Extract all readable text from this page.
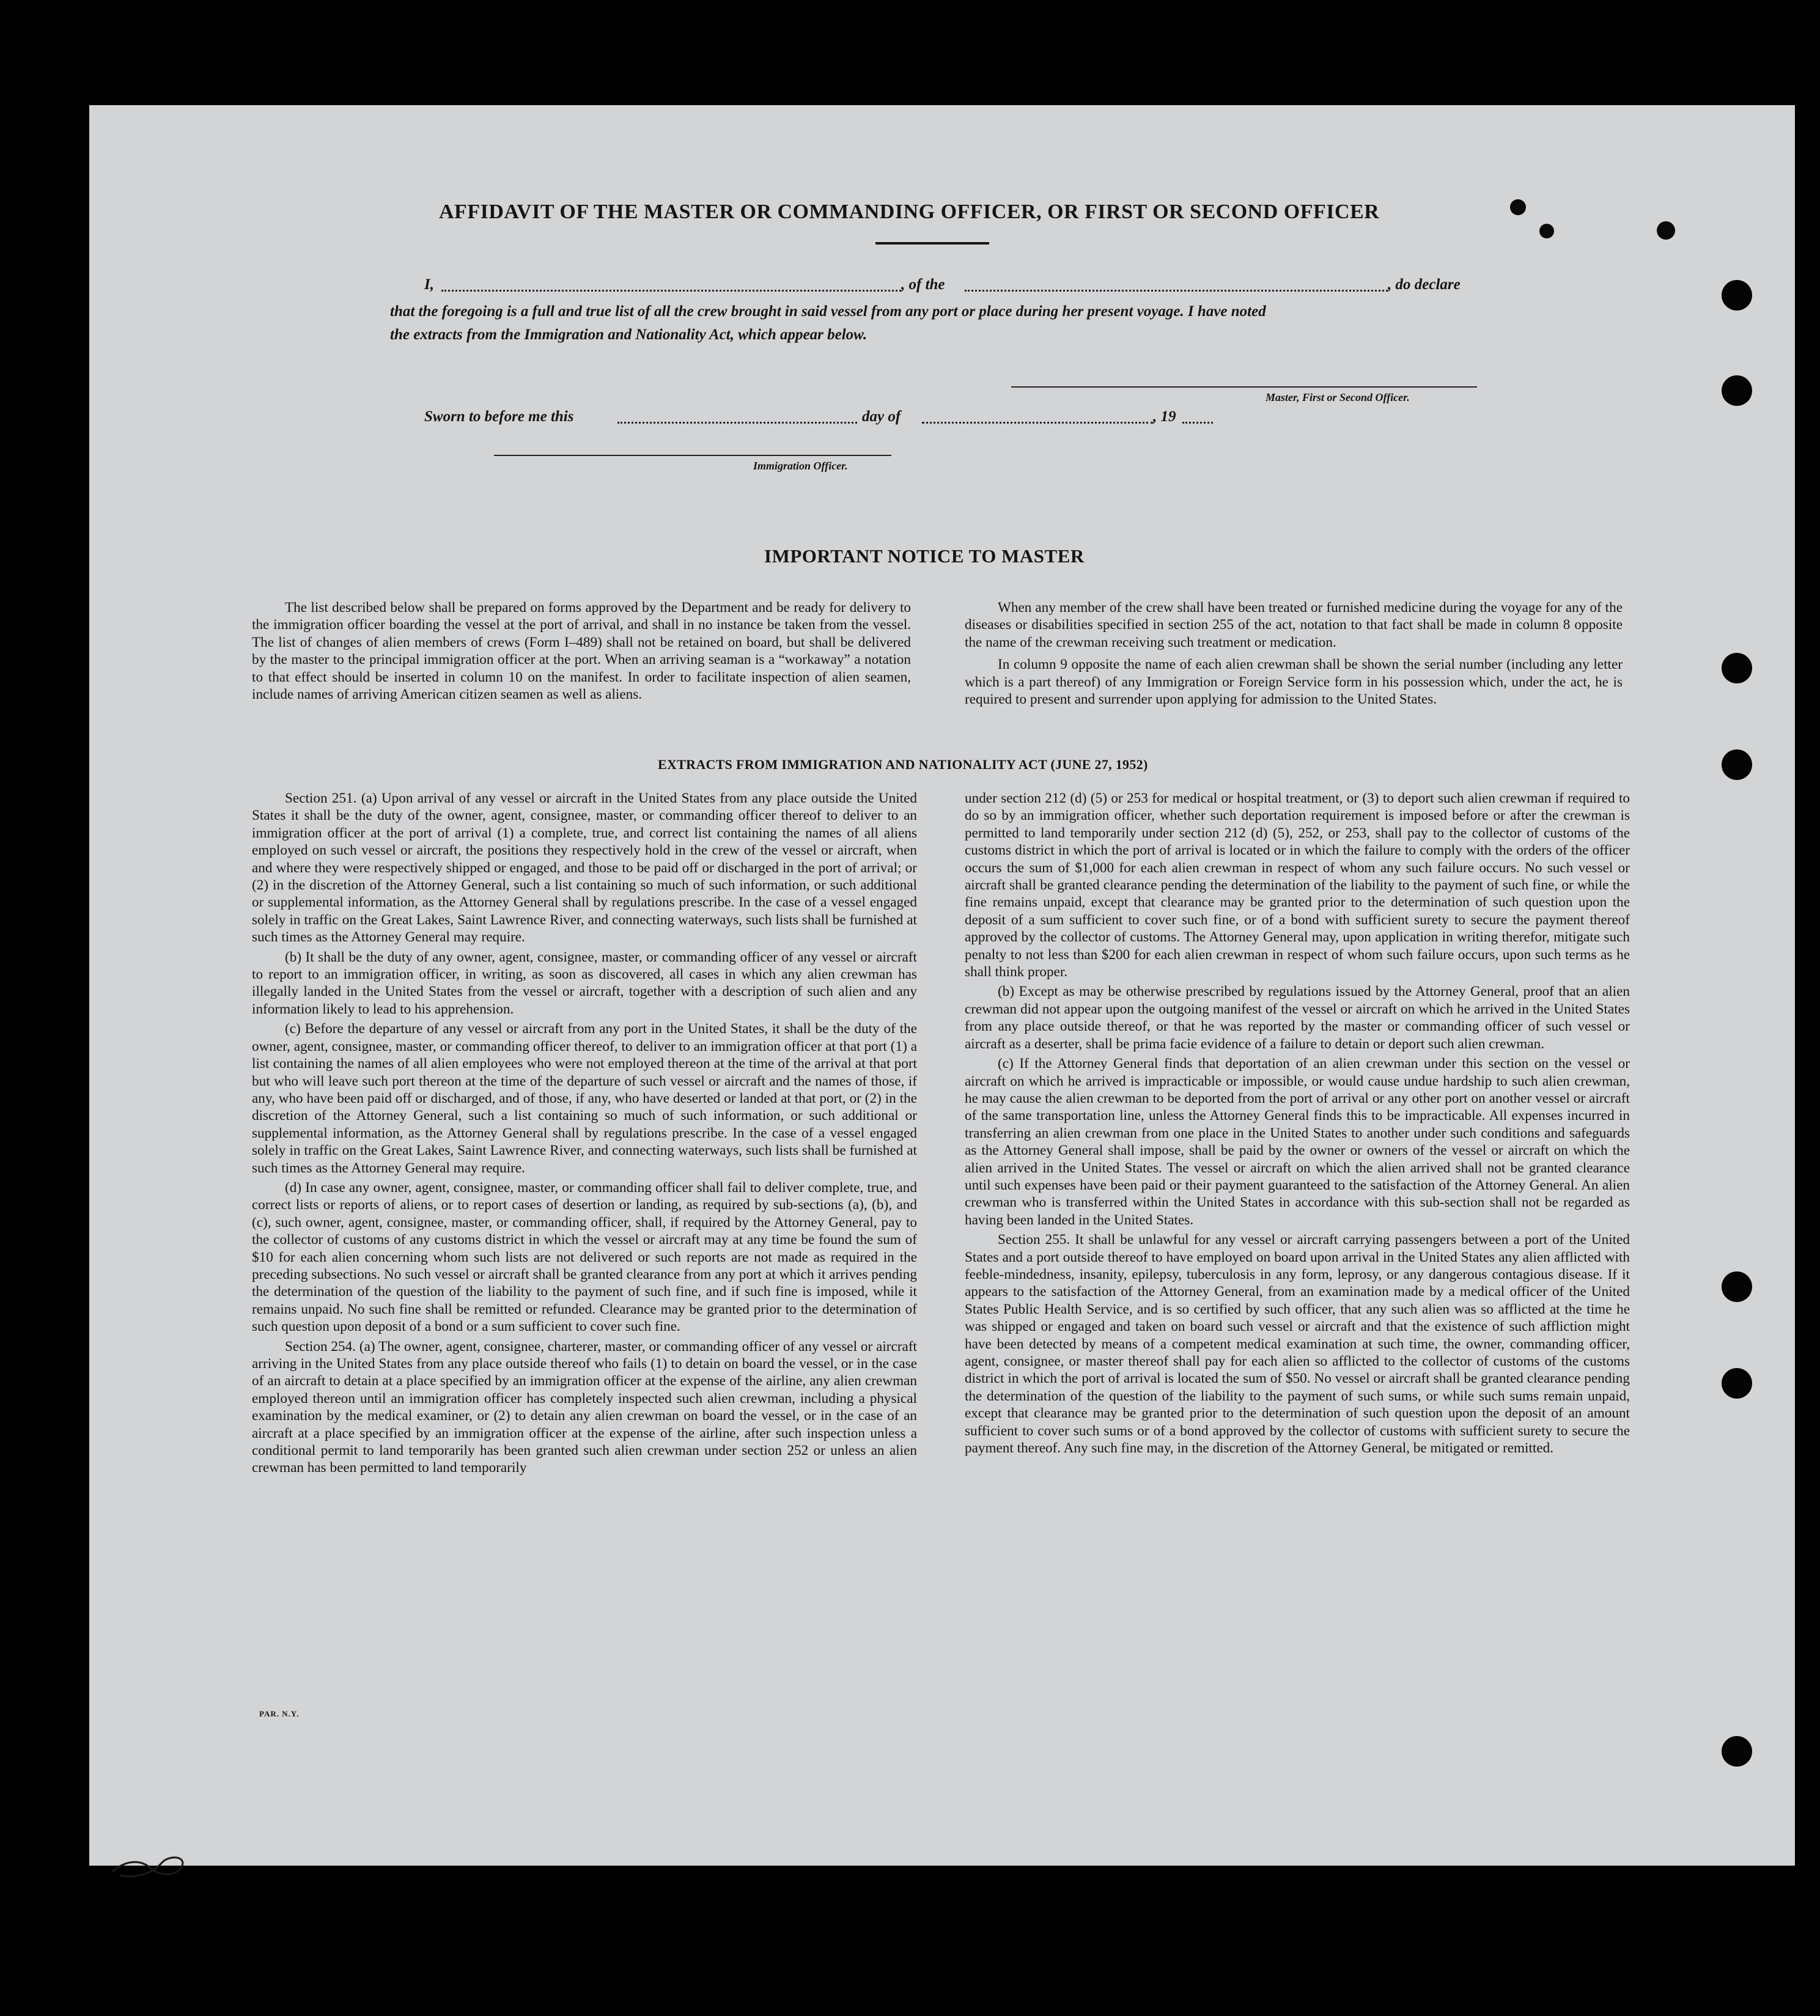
AFFIDAVIT OF THE MASTER OR COMMANDING OFFICER, OR FIRST OR SECOND OFFICER
I,	, of the	, do declare
that the foregoing is a full and true list of all the crew brought in said vessel from any port or place during her present voyage. I have noted
the extracts from the Immigration and Nationality Act, which appear below.
Master, First or Second Officer.
Sworn to before me this	day of	, 19
Immigration Officer.
IMPORTANT NOTICE TO MASTER

The list described below shall be prepared on forms approved by the Department and be ready for delivery to the immigration officer boarding the vessel at the port of arrival, and shall in no instance be taken from the vessel. The list of changes of alien members of crews (Form I–489) shall not be retained on board, but shall be delivered by the master to the principal immigration officer at the port. When an arriving seaman is a “workaway” a notation to that effect should be inserted in column 10 on the manifest. In order to facilitate inspection of alien seamen, include names of arriving American citizen seamen as well as aliens.

When any member of the crew shall have been treated or furnished medicine during the voyage for any of the diseases or disabilities specified in section 255 of the act, notation to that fact shall be made in column 8 opposite the name of the crewman receiving such treatment or medication.

In column 9 opposite the name of each alien crewman shall be shown the serial number (including any letter which is a part thereof) of any Immigration or Foreign Service form in his possession which, under the act, he is required to present and surrender upon applying for admission to the United States.

EXTRACTS FROM IMMIGRATION AND NATIONALITY ACT (JUNE 27, 1952)

Section 251. (a) Upon arrival of any vessel or aircraft in the United States from any place outside the United States it shall be the duty of the owner, agent, consignee, master, or commanding officer thereof to deliver to an immigration officer at the port of arrival (1) a complete, true, and correct list containing the names of all aliens employed on such vessel or aircraft, the positions they respectively hold in the crew of the vessel or aircraft, when and where they were respectively shipped or engaged, and those to be paid off or discharged in the port of arrival; or (2) in the discretion of the Attorney General, such a list containing so much of such information, or such additional or supplemental information, as the Attorney General shall by regulations prescribe. In the case of a vessel engaged solely in traffic on the Great Lakes, Saint Lawrence River, and connecting waterways, such lists shall be furnished at such times as the Attorney General may require.

(b) It shall be the duty of any owner, agent, consignee, master, or commanding officer of any vessel or aircraft to report to an immigration officer, in writing, as soon as discovered, all cases in which any alien crewman has illegally landed in the United States from the vessel or aircraft, together with a description of such alien and any information likely to lead to his apprehension.

(c) Before the departure of any vessel or aircraft from any port in the United States, it shall be the duty of the owner, agent, consignee, master, or commanding officer thereof, to deliver to an immigration officer at that port (1) a list containing the names of all alien employees who were not employed thereon at the time of the arrival at that port but who will leave such port thereon at the time of the departure of such vessel or aircraft and the names of those, if any, who have been paid off or discharged, and of those, if any, who have deserted or landed at that port, or (2) in the discretion of the Attorney General, such a list containing so much of such information, or such additional or supplemental information, as the Attorney General shall by regulations prescribe. In the case of a vessel engaged solely in traffic on the Great Lakes, Saint Lawrence River, and connecting waterways, such lists shall be furnished at such times as the Attorney General may require.

(d) In case any owner, agent, consignee, master, or commanding officer shall fail to deliver complete, true, and correct lists or reports of aliens, or to report cases of desertion or landing, as required by sub-sections (a), (b), and (c), such owner, agent, consignee, master, or commanding officer, shall, if required by the Attorney General, pay to the collector of customs of any customs district in which the vessel or aircraft may at any time be found the sum of $10 for each alien concerning whom such lists are not delivered or such reports are not made as required in the preceding subsections. No such vessel or aircraft shall be granted clearance from any port at which it arrives pending the determination of the question of the liability to the payment of such fine, and if such fine is imposed, while it remains unpaid. No such fine shall be remitted or refunded. Clearance may be granted prior to the determination of such question upon deposit of a bond or a sum sufficient to cover such fine.

Section 254. (a) The owner, agent, consignee, charterer, master, or commanding officer of any vessel or aircraft arriving in the United States from any place outside thereof who fails (1) to detain on board the vessel, or in the case of an aircraft to detain at a place specified by an immigration officer at the expense of the airline, any alien crewman employed thereon until an immigration officer has completely inspected such alien crewman, including a physical examination by the medical examiner, or (2) to detain any alien crewman on board the vessel, or in the case of an aircraft at a place specified by an immigration officer at the expense of the airline, after such inspection unless a conditional permit to land temporarily has been granted such alien crewman under section 252 or unless an alien crewman has been permitted to land temporarily

PAR. N.Y.

under section 212 (d) (5) or 253 for medical or hospital treatment, or (3) to deport such alien crewman if required to do so by an immigration officer, whether such deportation requirement is imposed before or after the crewman is permitted to land temporarily under section 212 (d) (5), 252, or 253, shall pay to the collector of customs of the customs district in which the port of arrival is located or in which the failure to comply with the orders of the officer occurs the sum of $1,000 for each alien crewman in respect of whom any such failure occurs. No such vessel or aircraft shall be granted clearance pending the determination of the liability to the payment of such fine, or while the fine remains unpaid, except that clearance may be granted prior to the determination of such question upon the deposit of a sum sufficient to cover such fine, or of a bond with sufficient surety to secure the payment thereof approved by the collector of customs. The Attorney General may, upon application in writing therefor, mitigate such penalty to not less than $200 for each alien crewman in respect of whom such failure occurs, upon such terms as he shall think proper.

(b) Except as may be otherwise prescribed by regulations issued by the Attorney General, proof that an alien crewman did not appear upon the outgoing manifest of the vessel or aircraft on which he arrived in the United States from any place outside thereof, or that he was reported by the master or commanding officer of such vessel or aircraft as a deserter, shall be prima facie evidence of a failure to detain or deport such alien crewman.

(c) If the Attorney General finds that deportation of an alien crewman under this section on the vessel or aircraft on which he arrived is impracticable or impossible, or would cause undue hardship to such alien crewman, he may cause the alien crewman to be deported from the port of arrival or any other port on another vessel or aircraft of the same transportation line, unless the Attorney General finds this to be impracticable. All expenses incurred in transferring an alien crewman from one place in the United States to another under such conditions and safeguards as the Attorney General shall impose, shall be paid by the owner or owners of the vessel or aircraft on which the alien arrived in the United States. The vessel or aircraft on which the alien arrived shall not be granted clearance until such expenses have been paid or their payment guaranteed to the satisfaction of the Attorney General. An alien crewman who is transferred within the United States in accordance with this sub-section shall not be regarded as having been landed in the United States.

Section 255. It shall be unlawful for any vessel or aircraft carrying passengers between a port of the United States and a port outside thereof to have employed on board upon arrival in the United States any alien afflicted with feeble-mindedness, insanity, epilepsy, tuberculosis in any form, leprosy, or any dangerous contagious disease. If it appears to the satisfaction of the Attorney General, from an examination made by a medical officer of the United States Public Health Service, and is so certified by such officer, that any such alien was so afflicted at the time he was shipped or engaged and taken on board such vessel or aircraft and that the existence of such affliction might have been detected by means of a competent medical examination at such time, the owner, commanding officer, agent, consignee, or master thereof shall pay for each alien so afflicted to the collector of customs of the customs district in which the port of arrival is located the sum of $50. No vessel or aircraft shall be granted clearance pending the determination of the question of the liability to the payment of such sums, or while such sums remain unpaid, except that clearance may be granted prior to the determination of such question upon the deposit of an amount sufficient to cover such sums or of a bond approved by the collector of customs with sufficient surety to secure the payment thereof. Any such fine may, in the discretion of the Attorney General, be mitigated or remitted.
